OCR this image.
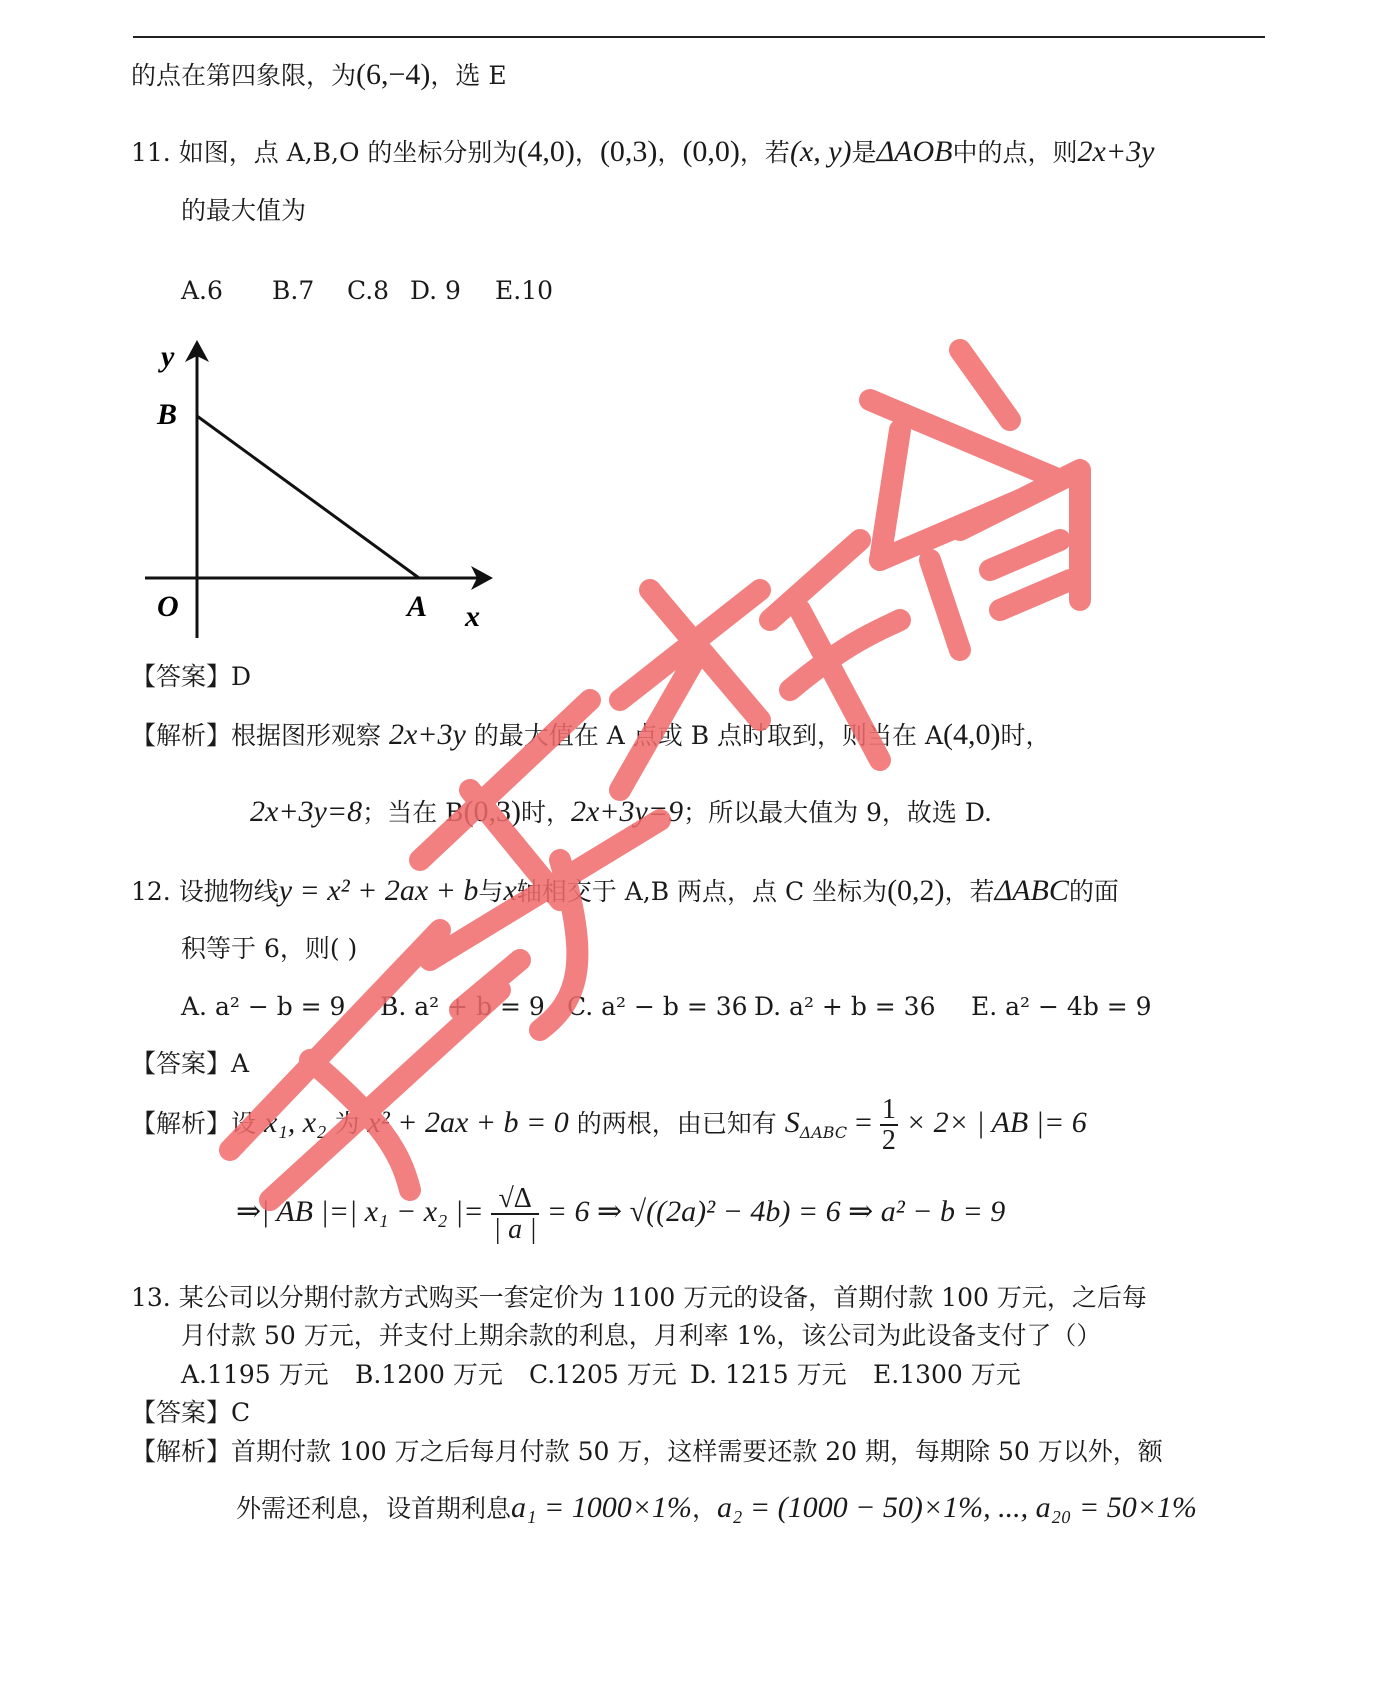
的点在第四象限，为(6,−4)，选 E
11. 如图，点 A,B,O 的坐标分别为(4,0)，(0,3)，(0,0)，若(x, y)是ΔAOB中的点，则2x+3y
的最大值为
A.6 B.7 C.8 D. 9 E.10
y
B
O	A x
【答案】D
【解析】根据图形观察 2x+3y 的最大值在 A 点或 B 点时取到，则当在 A(4,0)时，
2x+3y=8；当在 B(0,3)时，2x+3y=9；所以最大值为 9，故选 D.
12. 设抛物线y = x² + 2ax + b与x轴相交于 A,B 两点，点 C 坐标为(0,2)，若ΔABC的面
积等于 6，则( )
A. a² − b = 9 B. a² + b = 9 C. a² − b = 36 D. a² + b = 36 E. a² − 4b = 9
【答案】A
【解析】设 x₁, x₂ 为 x² + 2ax + b = 0 的两根，由已知有 $S_{\Delta ABC} = \frac{1}{2} \times 2\times$ | AB |= 6
⇒| AB |=| x₁ − x₂ |= $\frac{√\Delta}{| a |} = 6$ ⇒ √((2a)² − 4b) = 6 ⇒ a² − b = 9
13. 某公司以分期付款方式购买一套定价为 1100 万元的设备，首期付款 100 万元，之后每
月付款 50 万元，并支付上期余款的利息，月利率 1%，该公司为此设备支付了（）
A.1195 万元 B.1200 万元 C.1205 万元 D. 1215 万元 E.1300 万元
【答案】C
【解析】首期付款 100 万之后每月付款 50 万，这样需要还款 20 期，每期除 50 万以外，额
外需还利息，设首期利息a₁ = 1000×1%，a₂ = (1000 − 50)×1%, ..., a₂₀ = 50×1%
